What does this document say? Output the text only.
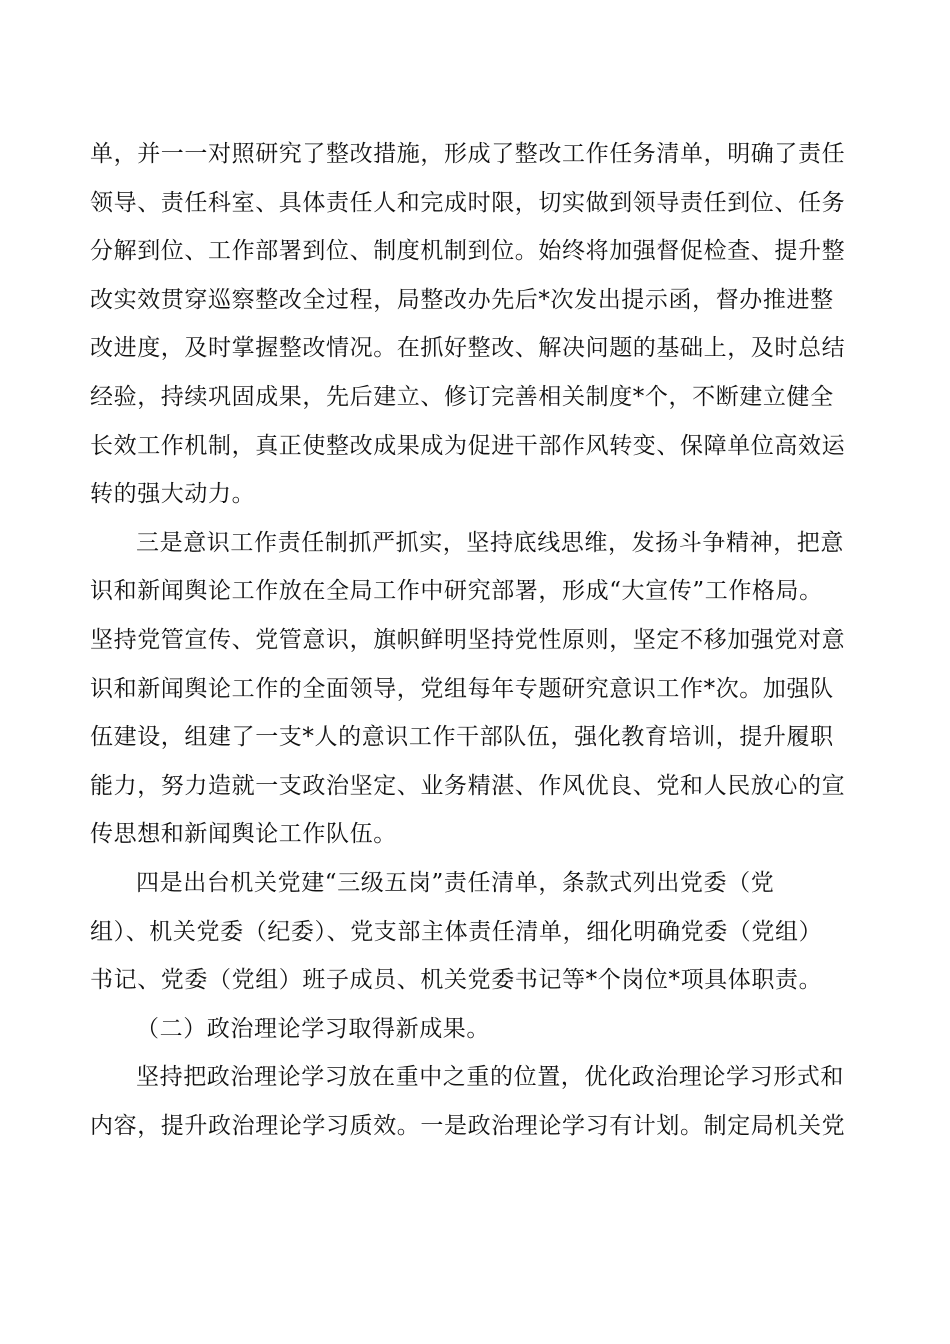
单，并一一对照研究了整改措施，形成了整改工作任务清单，明确了责任
领导、责任科室、具体责任人和完成时限，切实做到领导责任到位、任务
分解到位、工作部署到位、制度机制到位。始终将加强督促检查、提升整
改实效贯穿巡察整改全过程，局整改办先后*次发出提示函，督办推进整
改进度，及时掌握整改情况。在抓好整改、解决问题的基础上，及时总结
经验，持续巩固成果，先后建立、修订完善相关制度*个，不断建立健全
长效工作机制，真正使整改成果成为促进干部作风转变、保障单位高效运
转的强大动力。
三是意识工作责任制抓严抓实，坚持底线思维，发扬斗争精神，把意
识和新闻舆论工作放在全局工作中研究部署，形成“大宣传”工作格局。
坚持党管宣传、党管意识，旗帜鲜明坚持党性原则，坚定不移加强党对意
识和新闻舆论工作的全面领导，党组每年专题研究意识工作*次。加强队
伍建设，组建了一支*人的意识工作干部队伍，强化教育培训，提升履职
能力，努力造就一支政治坚定、业务精湛、作风优良、党和人民放心的宣
传思想和新闻舆论工作队伍。
四是出台机关党建“三级五岗”责任清单，条款式列出党委（党
组）、机关党委（纪委）、党支部主体责任清单，细化明确党委（党组）
书记、党委（党组）班子成员、机关党委书记等*个岗位*项具体职责。
（二）政治理论学习取得新成果。
坚持把政治理论学习放在重中之重的位置，优化政治理论学习形式和
内容，提升政治理论学习质效。一是政治理论学习有计划。制定局机关党
